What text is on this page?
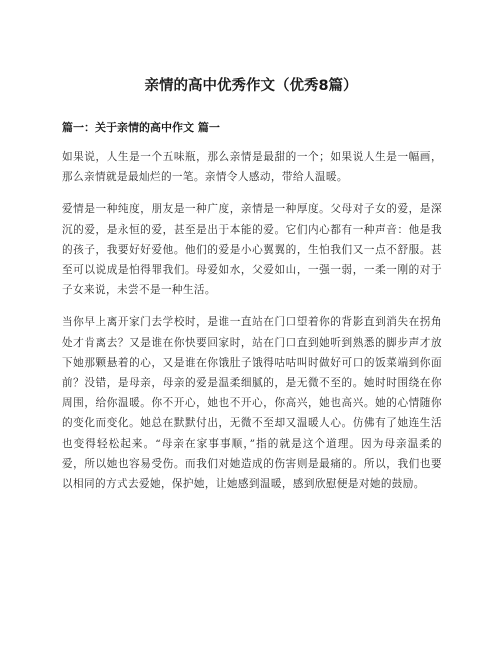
亲情的高中优秀作文（优秀8篇）
篇一：关于亲情的高中作文 篇一

如果说，人生是一个五味瓶，那么亲情是最甜的一个；如果说人生是一幅画，那么亲情就是最灿烂的一笔。亲情令人感动，带给人温暖。

爱情是一种纯度，朋友是一种广度，亲情是一种厚度。父母对子女的爱，是深沉的爱，是永恒的爱，甚至是出于本能的爱。它们内心都有一种声音：他是我的孩子，我要好好爱他。他们的爱是小心翼翼的，生怕我们又一点不舒服。甚至可以说成是怕得罪我们。母爱如水，父爱如山，一强一弱，一柔一刚的对于子女来说，未尝不是一种生活。

当你早上离开家门去学校时，是谁一直站在门口望着你的背影直到消失在拐角处才肯离去？又是谁在你快要回家时，站在门口直到她听到熟悉的脚步声才放下她那颗悬着的心，又是谁在你饿肚子饿得咕咕叫时做好可口的饭菜端到你面前？没错，是母亲，母亲的爱是温柔细腻的，是无微不至的。她时时围绕在你周围，给你温暖。你不开心，她也不开心，你高兴，她也高兴。她的心情随你的变化而变化。她总在默默付出，无微不至却又温暖人心。仿佛有了她连生活也变得轻松起来。“母亲在家事事顺，”指的就是这个道理。因为母亲温柔的爱，所以她也容易受伤。而我们对她造成的伤害则是最痛的。所以，我们也要以相同的方式去爱她，保护她，让她感到温暖，感到欣慰便是对她的鼓励。
